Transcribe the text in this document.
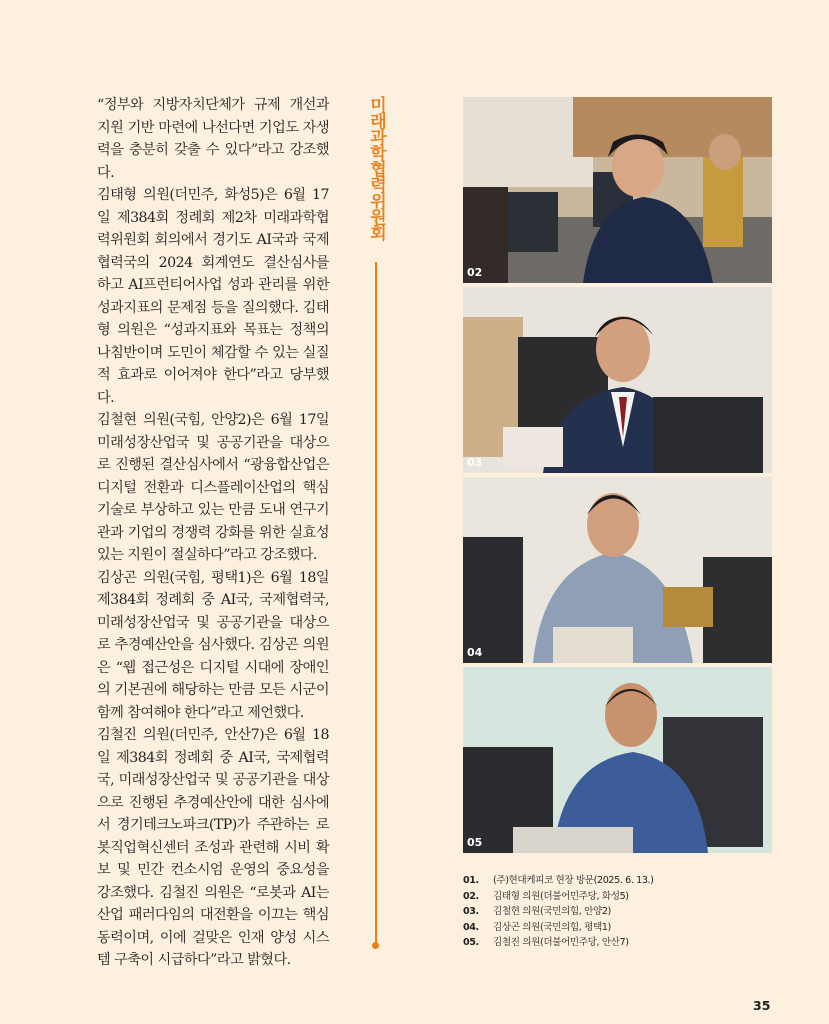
“정부와 지방자치단체가 규제 개선과 지원 기반 마련에 나선다면 기업도 자생력을 충분히 갖출 수 있다”라고 강조했다.

김태형 의원(더민주, 화성5)은 6월 17일 제384회 정례회 제2차 미래과학협력위원회 회의에서 경기도 AI국과 국제협력국의 2024 회계연도 결산심사를 하고 AI프런티어사업 성과 관리를 위한 성과지표의 문제점 등을 질의했다. 김태형 의원은 “성과지표와 목표는 정책의 나침반이며 도민이 체감할 수 있는 실질적 효과로 이어져야 한다”라고 당부했다.

김철현 의원(국힘, 안양2)은 6월 17일 미래성장산업국 및 공공기관을 대상으로 진행된 결산심사에서 “광융합산업은 디지털 전환과 디스플레이산업의 핵심 기술로 부상하고 있는 만큼 도내 연구기관과 기업의 경쟁력 강화를 위한 실효성 있는 지원이 절실하다”라고 강조했다.

김상곤 의원(국힘, 평택1)은 6월 18일 제384회 정례회 중 AI국, 국제협력국, 미래성장산업국 및 공공기관을 대상으로 추경예산안을 심사했다. 김상곤 의원은 “웹 접근성은 디지털 시대에 장애인의 기본권에 해당하는 만큼 모든 시군이 함께 참여해야 한다”라고 제언했다.

김철진 의원(더민주, 안산7)은 6월 18일 제384회 정례회 중 AI국, 국제협력국, 미래성장산업국 및 공공기관을 대상으로 진행된 추경예산안에 대한 심사에서 경기테크노파크(TP)가 주관하는 로봇직업혁신센터 조성과 관련해 시비 확보 및 민간 컨소시엄 운영의 중요성을 강조했다. 김철진 의원은 “로봇과 AI는 산업 패러다임의 대전환을 이끄는 핵심 동력이며, 이에 걸맞은 인재 양성 시스템 구축이 시급하다”라고 밝혔다.

미래과학협력위원회
02
03
04
05
01.	(주)현대케피코 현장 방문(2025. 6. 13.)
02.	김태형 의원(더불어민주당, 화성5)
03.	김철현 의원(국민의힘, 안양2)
04.	김상곤 의원(국민의힘, 평택1)
05.	김철진 의원(더불어민주당, 안산7)
35
